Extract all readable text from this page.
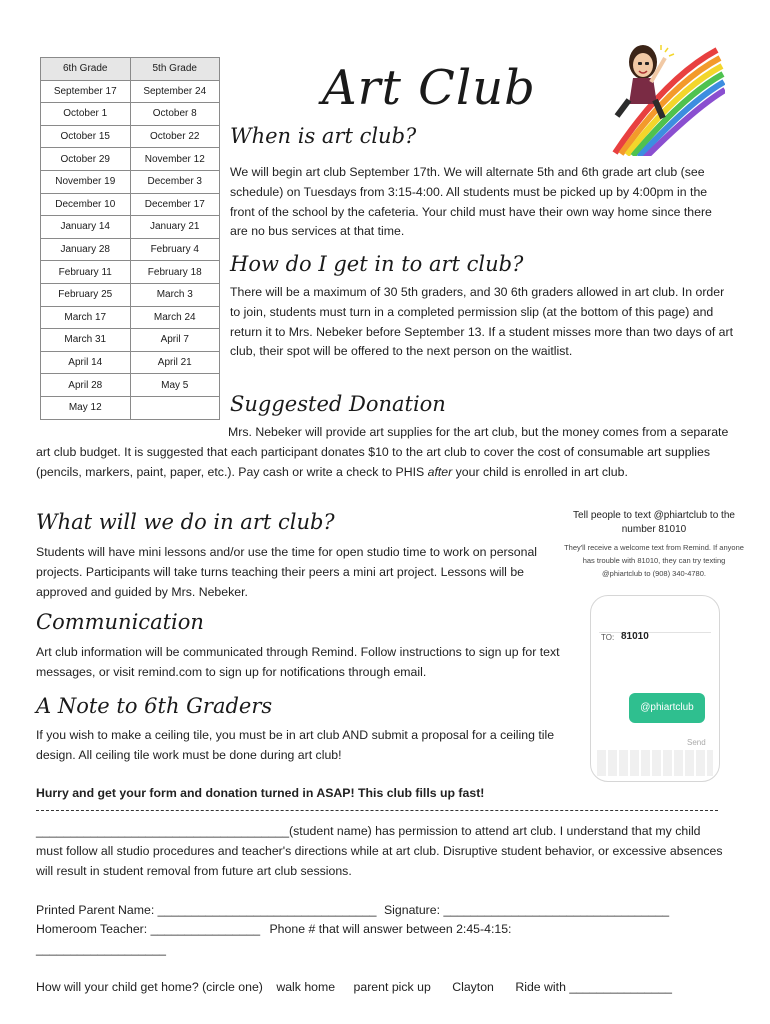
6th Grade	5th Grade
September 17	September 24
October 1	October 8
October 15	October 22
October 29	November 12
November 19	December 3
December 10	December 17
January 14	January 21
January 28	February 4
February 11	February 18
February 25	March 3
March 17	March 24
March 31	April 7
April 14	April 21
April 28	May 5
May 12	
Art Club
When is art club?

We will begin art club September 17th. We will alternate 5th and 6th grade art club (see schedule) on Tuesdays from 3:15-4:00. All students must be picked up by 4:00pm in the front of the school by the cafeteria. Your child must have their own way home since there are no bus services at that time.

How do I get in to art club?

There will be a maximum of 30 5th graders, and 30 6th graders allowed in art club. In order to join, students must turn in a completed permission slip (at the bottom of this page) and return it to Mrs. Nebeker before September 13. If a student misses more than two days of art club, their spot will be offered to the next person on the waitlist.

Suggested Donation

Mrs. Nebeker will provide art supplies for the art club, but the money comes from a separate art club budget. It is suggested that each participant donates $10 to the art club to cover the cost of consumable art supplies (pencils, markers, paint, paper, etc.). Pay cash or write a check to PHIS after your child is enrolled in art club.

What will we do in art club?

Students will have mini lessons and/or use the time for open studio time to work on personal projects. Participants will take turns teaching their peers a mini art project. Lessons will be approved and guided by Mrs. Nebeker.

Communication

Art club information will be communicated through Remind. Follow instructions to sign up for text messages, or visit remind.com to sign up for notifications through email.

A Note to 6th Graders

If you wish to make a ceiling tile, you must be in art club AND submit a proposal for a ceiling tile design. All ceiling tile work must be done during art club!

Tell people to text @phiartclub to the number 81010
They'll receive a welcome text from Remind. If anyone has trouble with 81010, they can try texting @phiartclub to (908) 340-4780.
TO: 81010
@phiartclub
Send
Hurry and get your form and donation turned in ASAP! This club fills up fast!

_____________________________________(student name) has permission to attend art club. I understand that my child must follow all studio procedures and teacher's directions while at art club. Disruptive student behavior, or excessive absences will result in student removal from future art club sessions.

Printed Parent Name: ________________________________ Signature: _________________________________
Homeroom Teacher: ________________ Phone # that will answer between 2:45-4:15:
___________________
How will your child get home? (circle one) walk home parent pick up Clayton Ride with _______________
